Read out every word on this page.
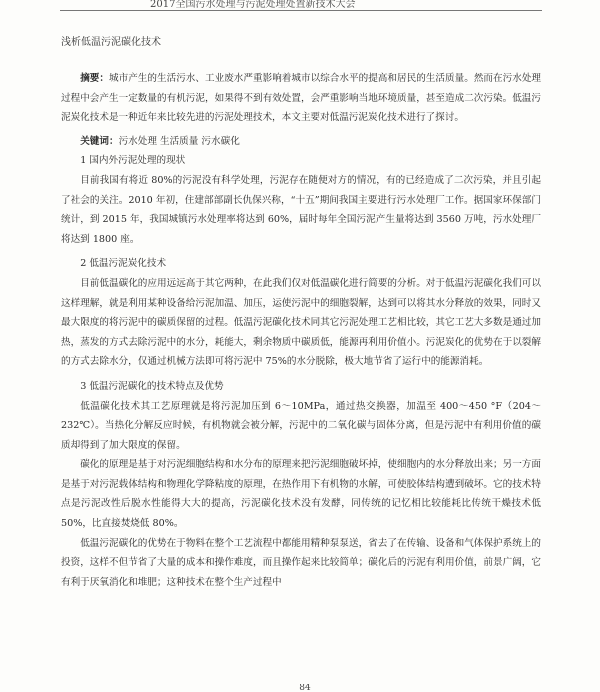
2017全国污水处理与污泥处理处置新技术大会
浅析低温污泥碳化技术

摘要：城市产生的生活污水、工业废水严重影响着城市以综合水平的提高和居民的生活质量。然而在污水处理过程中会产生一定数量的有机污泥，如果得不到有效处置，会严重影响当地环境质量，甚至造成二次污染。低温污泥炭化技术是一种近年来比较先进的污泥处理技术，本文主要对低温污泥炭化技术进行了探讨。

关键词：污水处理 生活质量 污水碳化

1 国内外污泥处理的现状

目前我国有将近 80%的污泥没有科学处理，污泥存在随便对方的情况，有的已经造成了二次污染，并且引起了社会的关注。2010 年初，住建部部副长仇保兴称，“十五”期间我国主要进行污水处理厂工作。据国家环保部门统计，到 2015 年，我国城镇污水处理率将达到 60%，届时每年全国污泥产生量将达到 3560 万吨，污水处理厂将达到 1800 座。

2 低温污泥炭化技术

目前低温碳化的应用远远高于其它两种，在此我们仅对低温碳化进行简要的分析。对于低温污泥碳化我们可以这样理解，就是利用某种设备给污泥加温、加压，运使污泥中的细胞裂解，达到可以将其水分释放的效果，同时又最大限度的将污泥中的碳质保留的过程。低温污泥碳化技术同其它污泥处理工艺相比较，其它工艺大多数是通过加热，蒸发的方式去除污泥中的水分，耗能大，剩余物质中碳质低，能源再利用价值小。污泥炭化的优势在于以裂解的方式去除水分，仅通过机械方法即可将污泥中 75%的水分脱除，极大地节省了运行中的能源消耗。

3 低温污泥碳化的技术特点及优势

低温碳化技术其工艺原理就是将污泥加压到 6～10MPa，通过热交换器，加温至 400～450 °F（204～232℃）。当热化分解反应时候，有机物就会被分解，污泥中的二氧化碳与固体分离，但是污泥中有利用价值的碳质却得到了加大限度的保留。

碳化的原理是基于对污泥细胞结构和水分布的原理来把污泥细胞破坏掉，使细胞内的水分释放出来；另一方面是基于对污泥载体结构和物理化学降粘度的原理，在热作用下有机物的水解，可使胶体结构遭到破坏。它的技术特点是污泥改性后脱水性能得大大的提高，污泥碳化技术没有发酵，同传统的记忆相比较能耗比传统干燥技术低 50%，比直接焚烧低 80%。

低温污泥碳化的优势在于物料在整个工艺流程中都能用精种泵泵送，省去了在传输、设备和气体保护系统上的投资，这样不但节省了大量的成本和操作难度，而且操作起来比较简单；碳化后的污泥有利用价值，前景广阔，它有利于厌氧消化和堆肥；这种技术在整个生产过程中

84
